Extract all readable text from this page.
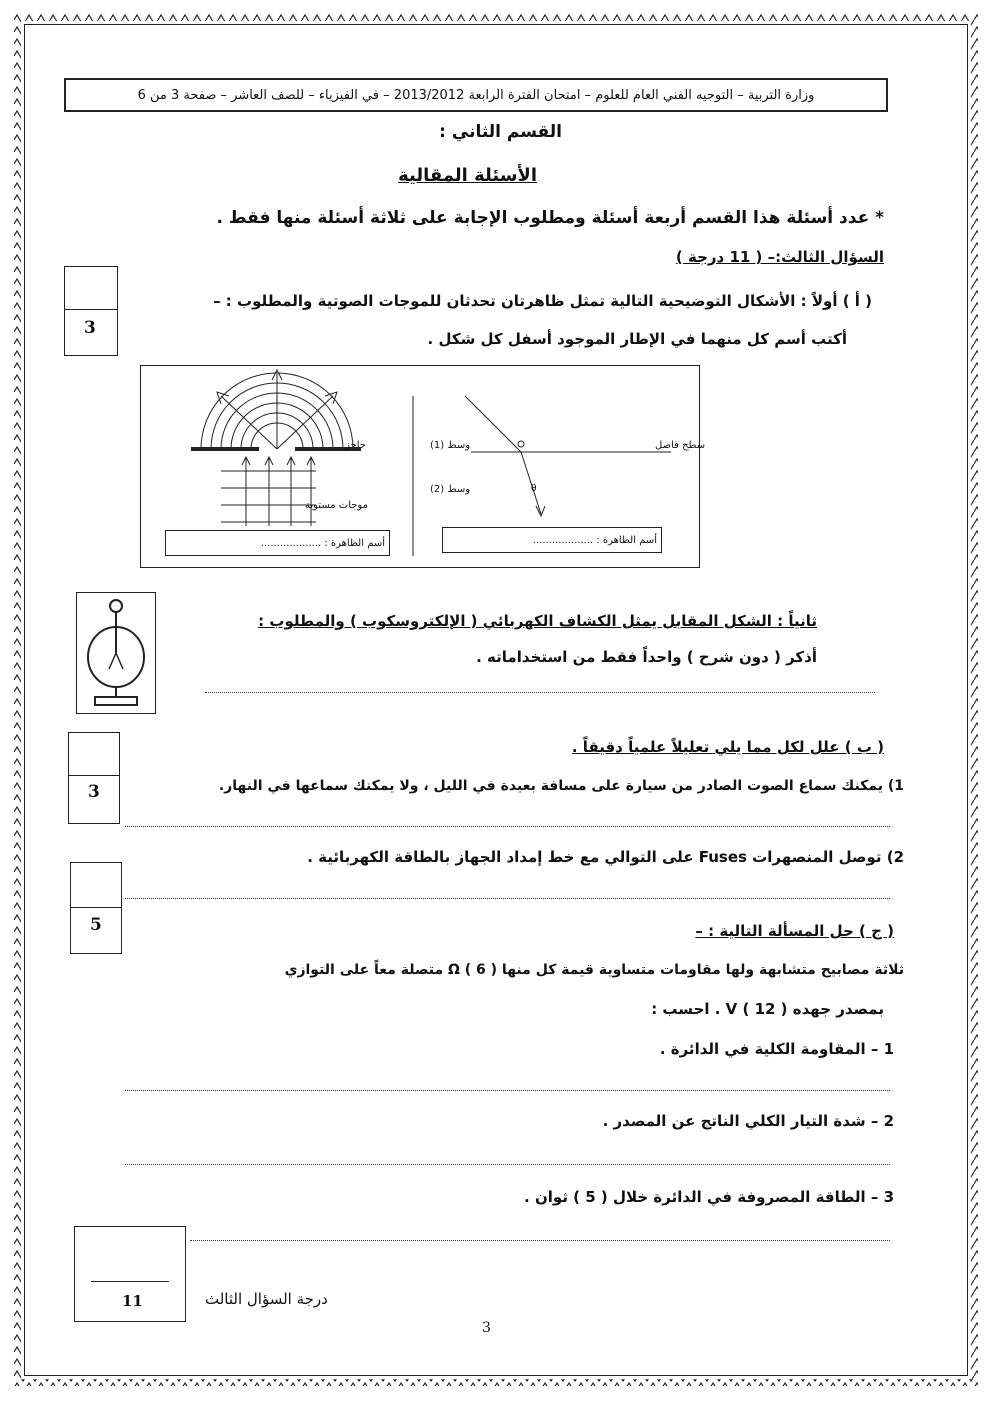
وزارة التربية – التوجيه الفني العام للعلوم – امتحان الفترة الرابعة 2013/2012 – في الفيزياء – للصف العاشر – صفحة 3 من 6
القسم الثاني :
الأسئلة المقالية
* عدد أسئلة هذا القسم أربعة أسئلة ومطلوب الإجابة على ثلاثة أسئلة منها فقط .
السؤال الثالث:– ( 11 درجة )
3
( أ ) أولاً : الأشكال التوضيحية التالية تمثل ظاهرتان تحدثان للموجات الصوتية والمطلوب : –
أكتب أسم كل منهما في الإطار الموجود أسفل كل شكل .
θ
حاجز
موجات مستوية
سطح فاصل
وسط (1)
وسط (2)
أسم الظاهرة : ...................	أسم الظاهرة : ...................
ثانياً : الشكل المقابل يمثل الكشاف الكهربائي ( الإلكتروسكوب ) والمطلوب :
أذكر ( دون شرح ) واحداً فقط من استخداماته .
3
( ب ) علل لكل مما يلي تعليلاً علمياً دقيقاً .
1) يمكنك سماع الصوت الصادر من سيارة على مسافة بعيدة في الليل ، ولا يمكنك سماعها في النهار.
2) توصل المنصهرات Fuses على التوالي مع خط إمداد الجهاز بالطاقة الكهربائية .
5	( ج ) حل المسألة التالية : –
ثلاثة مصابيح متشابهة ولها مقاومات متساوية قيمة كل منها Ω ( 6 ) متصلة معاً على التوازي
بمصدر جهده V ( 12 ) . احسب :
1 – المقاومة الكلية في الدائرة .
2 – شدة التيار الكلي الناتج عن المصدر .
3 – الطاقة المصروفة في الدائرة خلال ( 5 ) ثوان .
11	درجة السؤال الثالث
3
